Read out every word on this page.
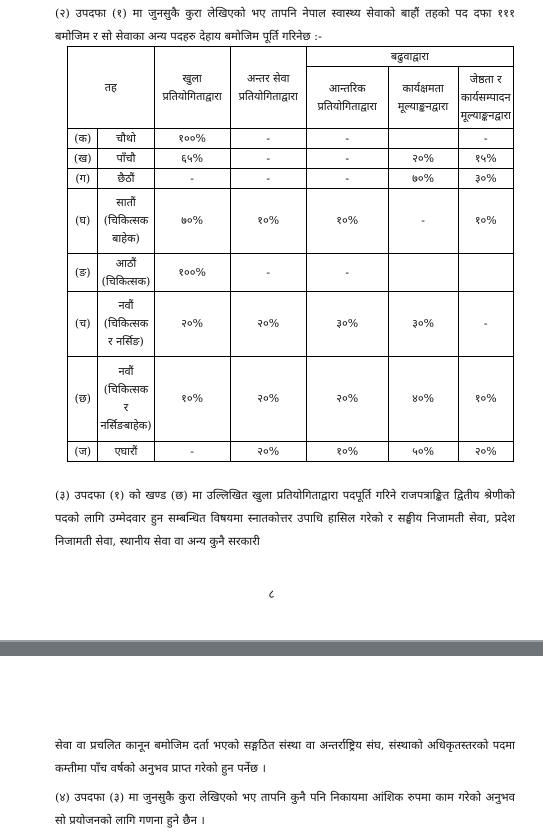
(२) उपदफा (१) मा जुनसुकै कुरा लेखिएको भए तापनि नेपाल स्वास्थ्य सेवाको बाहौं तहको पद दफा १११ बमोजिम र सो सेवाका अन्य पदहरु देहाय बमोजिम पूर्ति गरिनेछ :-

तह		खुला प्रतियोगिताद्वारा	अन्तर सेवा प्रतियोगिताद्वारा	बढुवाद्वारा		
				आन्तरिक प्रतियोगिताद्वारा	कार्यक्षमता मूल्याङ्कनद्वारा	जेष्ठता र कार्यसम्पादन मूल्याङ्कनद्वारा
(क)	चौथो	१००%	-	-		-
(ख)	पाँचौ	६५%	-	-	२०%	१५%
(ग)	छैठौं	-	-	-	७०%	३०%
(घ)	सातौं (चिकित्सक बाहेक)	७०%	१०%	१०%	-	१०%
(ङ)	आठौं (चिकित्सक)	१००%	-	-		
(च)	नवौं (चिकित्सक र नर्सिङ)	२०%	२०%	३०%	३०%	-
(छ)	नवौं (चिकित्सक र नर्सिङबाहेक)	१०%	२०%	२०%	४०%	१०%
(ज)	एघारौं	-	२०%	१०%	५०%	२०%

(३) उपदफा (१) को खण्ड (छ) मा उल्लिखित खुला प्रतियोगिताद्वारा पदपूर्ति गरिने राजपत्राङ्कित द्वितीय श्रेणीको पदको लागि उम्मेदवार हुन सम्बन्धित विषयमा स्नातकोत्तर उपाधि हासिल गरेको र सङ्घीय निजामती सेवा, प्रदेश निजामती सेवा, स्थानीय सेवा वा अन्य कुनै सरकारी

८

सेवा वा प्रचलित कानून बमोजिम दर्ता भएको सङ्गठित संस्था वा अन्तर्राष्ट्रिय संघ, संस्थाको अधिकृतस्तरको पदमा कम्तीमा पाँच वर्षको अनुभव प्राप्त गरेको हुन पर्नेछ ।

(४) उपदफा (३) मा जुनसुकै कुरा लेखिएको भए तापनि कुनै पनि निकायमा आंशिक रुपमा काम गरेको अनुभव सो प्रयोजनको लागि गणना हुने छैन ।
